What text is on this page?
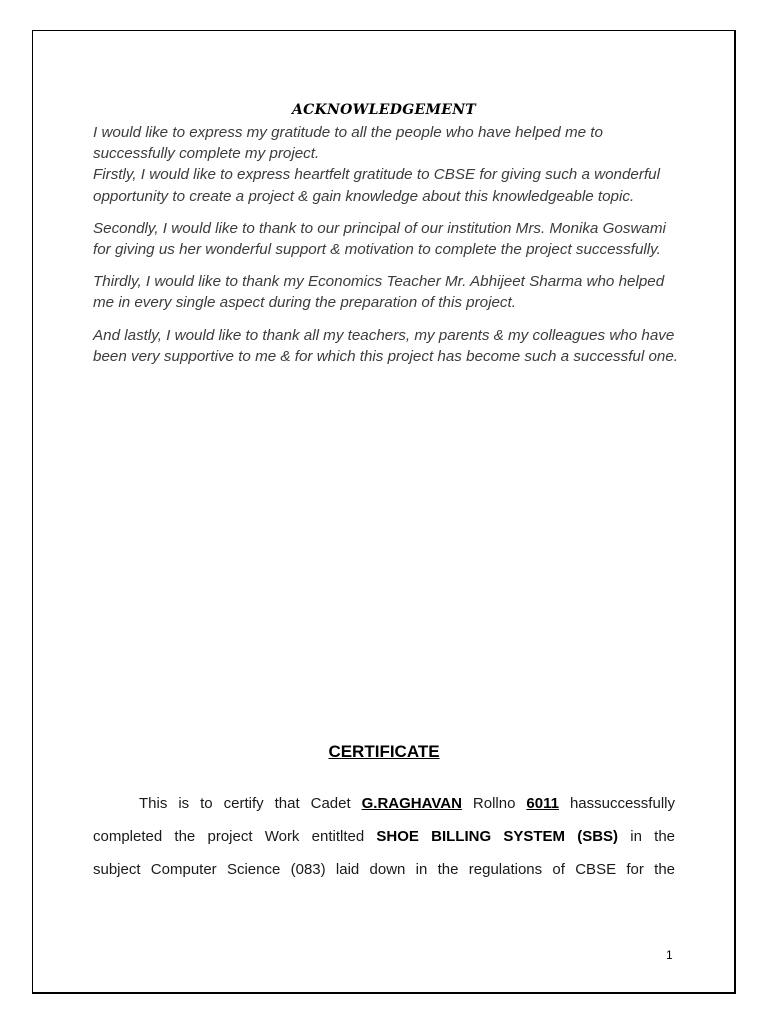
ACKNOWLEDGEMENT

I would like to express my gratitude to all the people who have helped me to successfully complete my project.

Firstly, I would like to express heartfelt gratitude to CBSE for giving such a wonderful opportunity to create a project & gain knowledge about this knowledgeable topic.

Secondly, I would like to thank to our principal of our institution Mrs. Monika Goswami for giving us her wonderful support & motivation to complete the project successfully.

Thirdly, I would like to thank my Economics Teacher Mr. Abhijeet Sharma who helped me in every single aspect during the preparation of this project.

And lastly, I would like to thank all my teachers, my parents & my colleagues who have been very supportive to me & for which this project has become such a successful one.

CERTIFICATE
This is to certify that Cadet G.RAGHAVAN Rollno 6011 hassuccessfully
completed the project Work entitlted SHOE BILLING SYSTEM (SBS) in the
subject Computer Science (083) laid down in the regulations of CBSE for the
1
